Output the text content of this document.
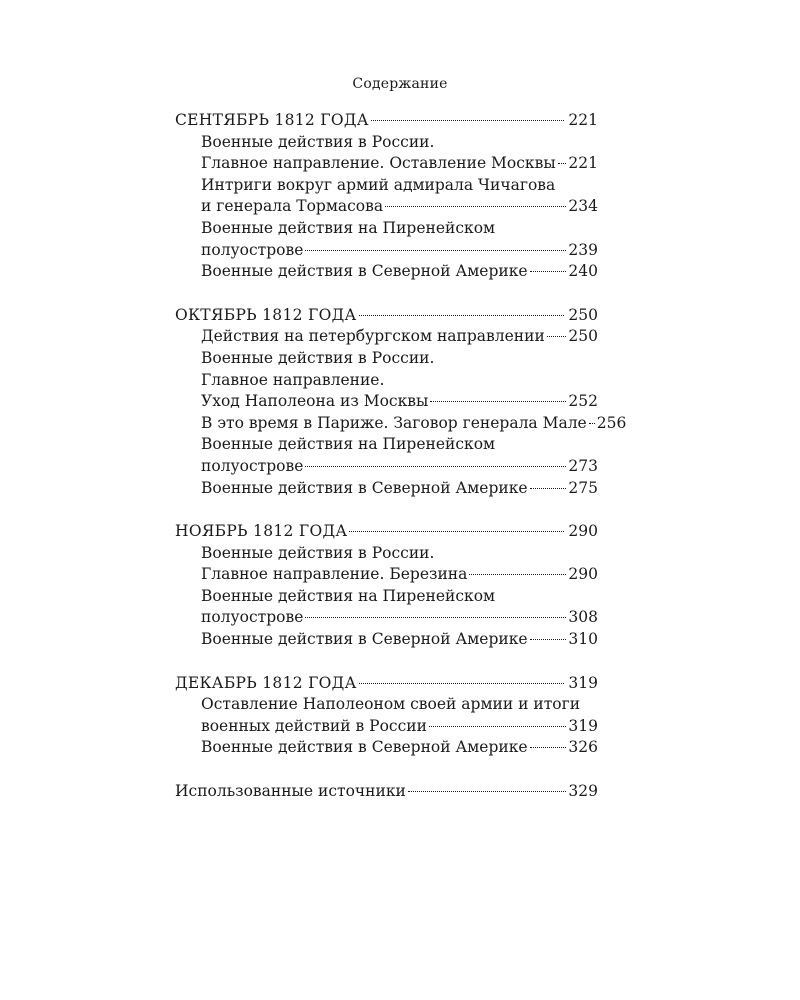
Содержание
СЕНТЯБРЬ 1812 ГОДА	221
Военные действия в России.
Главное направление. Оставление Москвы 221
Интриги вокруг армий адмирала Чичагова
и генерала Тормасова	234
Военные действия на Пиренейском
полуострове	239
Военные действия в Северной Америке	240
ОКТЯБРЬ 1812 ГОДА	250
Действия на петербургском направлении 250
Военные действия в России.
Главное направление.
Уход Наполеона из Москвы	252
В это время в Париже. Заговор генерала Мале 256
Военные действия на Пиренейском
полуострове	273
Военные действия в Северной Америке	275
НОЯБРЬ 1812 ГОДА	290
Военные действия в России.
Главное направление. Березина	290
Военные действия на Пиренейском
полуострове	308
Военные действия в Северной Америке	310
ДЕКАБРЬ 1812 ГОДА	319
Оставление Наполеоном своей армии и итоги
военных действий в России	319
Военные действия в Северной Америке	326
Использованные источники	329
